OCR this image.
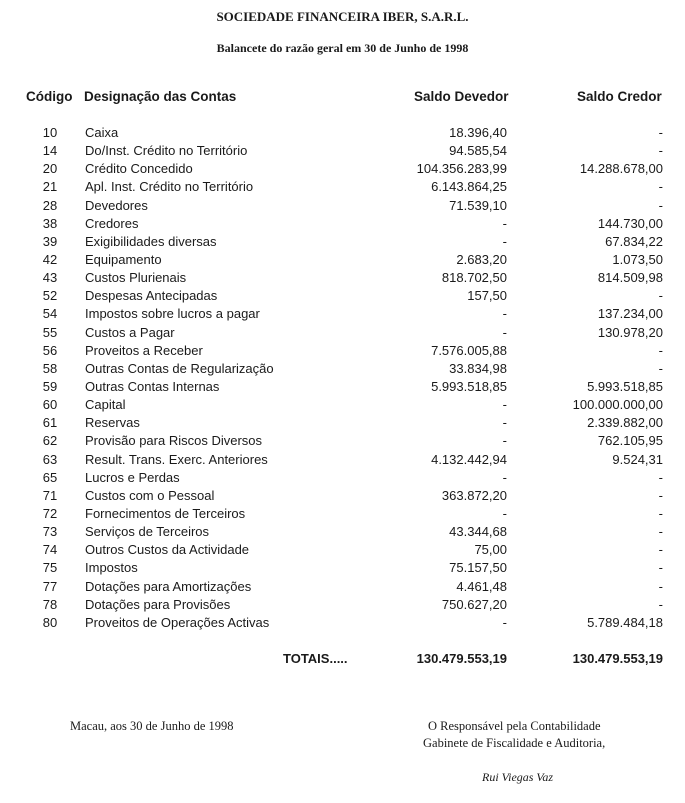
SOCIEDADE FINANCEIRA IBER, S.A.R.L.
Balancete do razão geral em 30 de Junho de 1998
Código Designação das Contas	Saldo Devedor	Saldo Credor
10	Caixa	18.396,40	-
14	Do/Inst. Crédito no Território	94.585,54	-
20	Crédito Concedido	104.356.283,99	14.288.678,00
21	Apl. Inst. Crédito no Território	6.143.864,25	-
28	Devedores	71.539,10	-
38	Credores	-	144.730,00
39	Exigibilidades diversas	-	67.834,22
42	Equipamento	2.683,20	1.073,50
43	Custos Plurienais	818.702,50	814.509,98
52	Despesas Antecipadas	157,50	-
54	Impostos sobre lucros a pagar	-	137.234,00
55	Custos a Pagar	-	130.978,20
56	Proveitos a Receber	7.576.005,88	-
58	Outras Contas de Regularização	33.834,98	-
59	Outras Contas Internas	5.993.518,85	5.993.518,85
60	Capital	-	100.000.000,00
61	Reservas	-	2.339.882,00
62	Provisão para Riscos Diversos	-	762.105,95
63	Result. Trans. Exerc. Anteriores	4.132.442,94	9.524,31
65	Lucros e Perdas	-	-
71	Custos com o Pessoal	363.872,20	-
72	Fornecimentos de Terceiros	-	-
73	Serviços de Terceiros	43.344,68	-
74	Outros Custos da Actividade	75,00	-
75	Impostos	75.157,50	-
77	Dotações para Amortizações	4.461,48	-
78	Dotações para Provisões	750.627,20	-
80	Proveitos de Operações Activas	-	5.789.484,18
TOTAIS.....	130.479.553,19	130.479.553,19
Macau, aos 30 de Junho de 1998	O Responsável pela Contabilidade
Gabinete de Fiscalidade e Auditoria,
Rui Viegas Vaz
